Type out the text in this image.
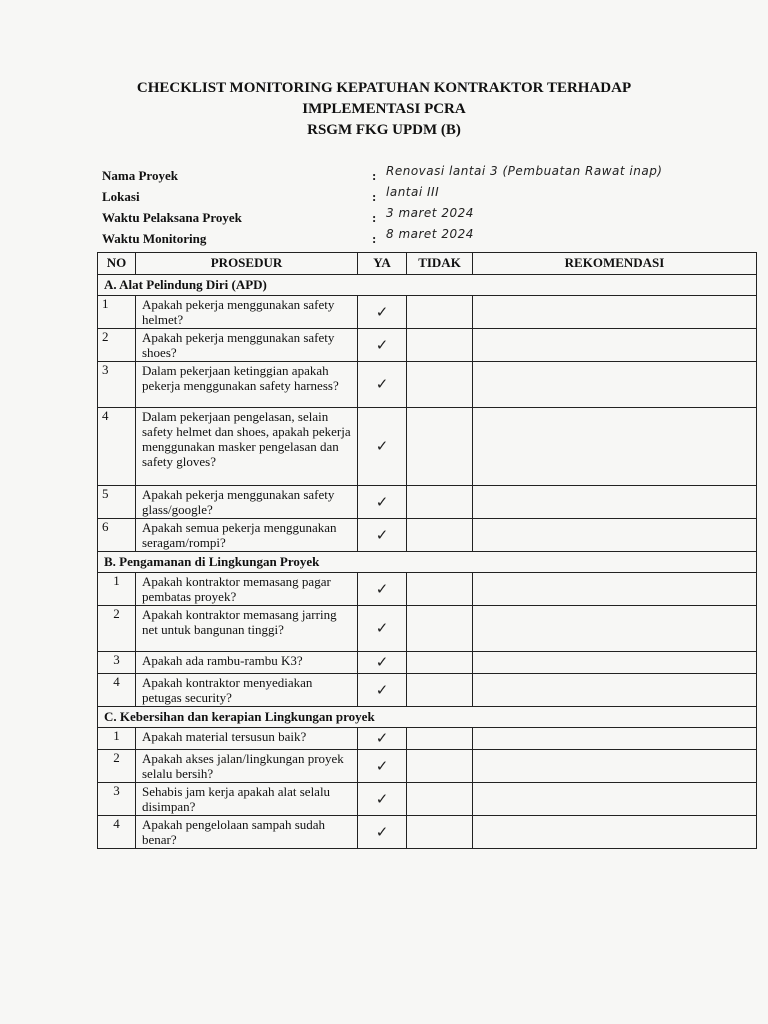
CHECKLIST MONITORING KEPATUHAN KONTRAKTOR TERHADAP
IMPLEMENTASI PCRA
RSGM FKG UPDM (B)
Nama Proyek	: Renovasi lantai 3 (Pembuatan Rawat inap)
Lokasi	: lantai III
Waktu Pelaksana Proyek	: 3 maret 2024
Waktu Monitoring	: 8 maret 2024
NO	PROSEDUR	YA	TIDAK	REKOMENDASI
A. Alat Pelindung Diri (APD)				
1	Apakah pekerja menggunakan safety helmet?	✓		
2	Apakah pekerja menggunakan safety shoes?	✓		
3	Dalam pekerjaan ketinggian apakah pekerja menggunakan safety harness?	✓		
4	Dalam pekerjaan pengelasan, selain safety helmet dan shoes, apakah pekerja menggunakan masker pengelasan dan safety gloves?	✓		
5	Apakah pekerja menggunakan safety glass/google?	✓		
6	Apakah semua pekerja menggunakan seragam/rompi?	✓		
B. Pengamanan di Lingkungan Proyek				
1	Apakah kontraktor memasang pagar pembatas proyek?	✓		
2	Apakah kontraktor memasang jarring net untuk bangunan tinggi?	✓		
3	Apakah ada rambu-rambu K3?	✓		
4	Apakah kontraktor menyediakan petugas security?	✓		
C. Kebersihan dan kerapian Lingkungan proyek				
1	Apakah material tersusun baik?	✓		
2	Apakah akses jalan/lingkungan proyek selalu bersih?	✓		
3	Sehabis jam kerja apakah alat selalu disimpan?	✓		
4	Apakah pengelolaan sampah sudah benar?	✓		
